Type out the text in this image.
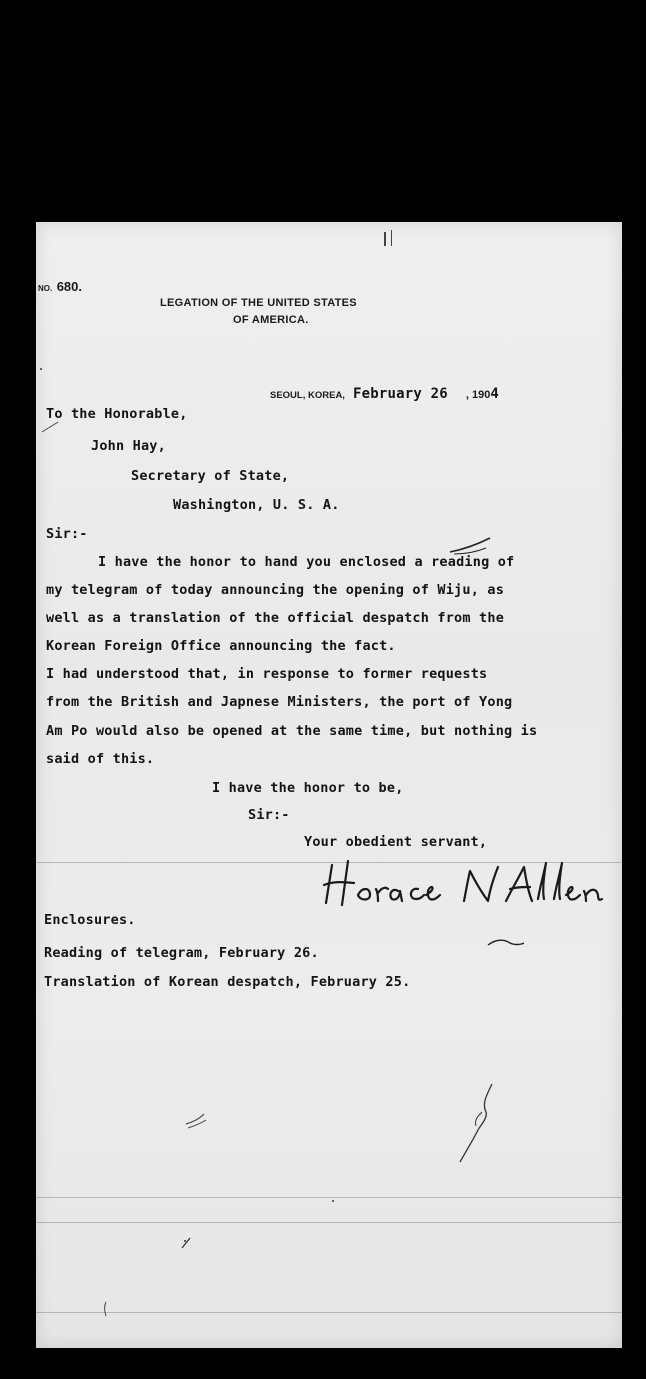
NO. 680.
LEGATION OF THE UNITED STATES
OF AMERICA.
SEOUL, KOREA, February 26 , 1904
To the Honorable,
John Hay,
Secretary of State,
Washington, U. S. A.
Sir:-
I have the honor to hand you enclosed a reading of
my telegram of today announcing the opening of Wiju, as
well as a translation of the official despatch from the
Korean Foreign Office announcing the fact.
I had understood that, in response to former requests
from the British and Japnese Ministers, the port of Yong
Am Po would also be opened at the same time, but nothing is
said of this.
I have the honor to be,
Sir:-
Your obedient servant,
Enclosures.
Reading of telegram, February 26.
Translation of Korean despatch, February 25.
